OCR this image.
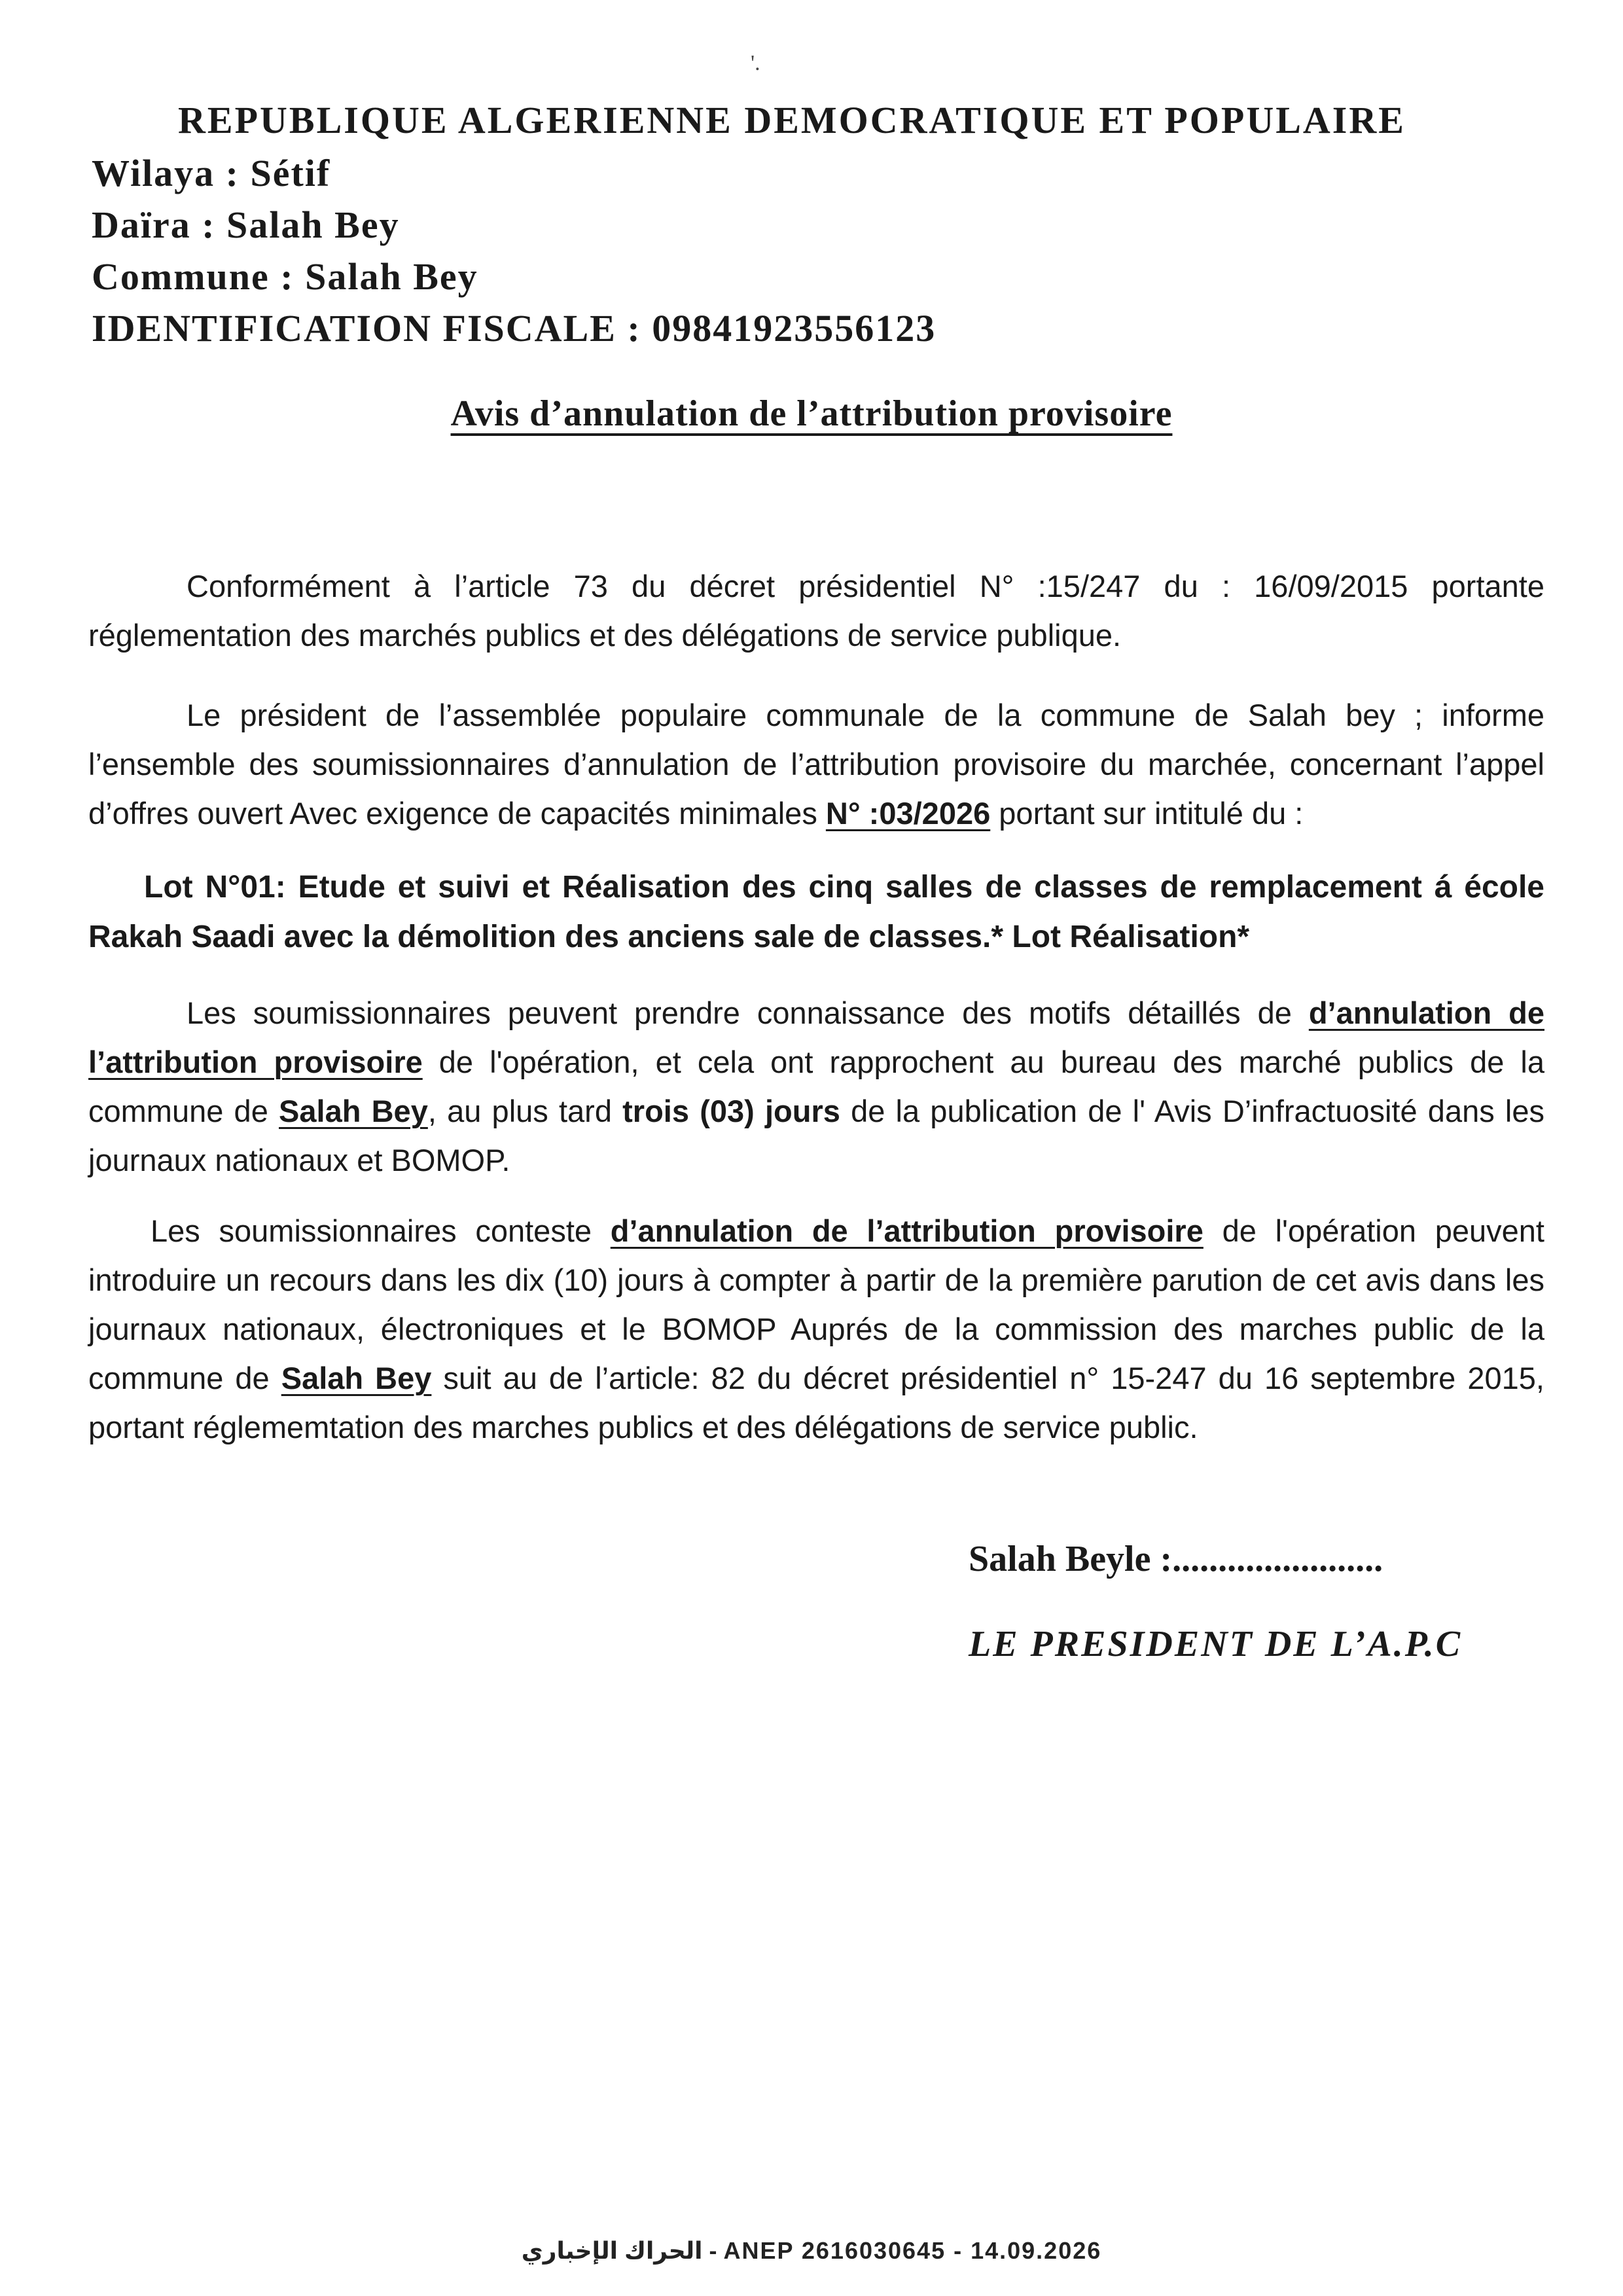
'.
REPUBLIQUE ALGERIENNE DEMOCRATIQUE ET POPULAIRE
Wilaya : Sétif
Daïra : Salah Bey
Commune : Salah Bey
IDENTIFICATION FISCALE : 09841923556123
Avis d’annulation de l’attribution provisoire

Conformément à l’article 73 du décret présidentiel N° :15/247 du : 16/09/2015 portante réglementation des marchés publics et des délégations de service publique.

Le président de l’assemblée populaire communale de la commune de Salah bey ; informe l’ensemble des soumissionnaires d’annulation de l’attribution provisoire du marchée, concernant l’appel d’offres ouvert Avec exigence de capacités minimales N° :03/2026 portant sur intitulé du :

Lot N°01: Etude et suivi et Réalisation des cinq salles de classes de remplacement á école Rakah Saadi avec la démolition des anciens sale de classes.* Lot Réalisation*

Les soumissionnaires peuvent prendre connaissance des motifs détaillés de d’annulation de l’attribution provisoire de l'opération, et cela ont rapprochent au bureau des marché publics de la commune de Salah Bey, au plus tard trois (03) jours de la publication de l' Avis D’infractuosité dans les journaux nationaux et BOMOP.

Les soumissionnaires conteste d’annulation de l’attribution provisoire de l'opération peuvent introduire un recours dans les dix (10) jours à compter à partir de la première parution de cet avis dans les journaux nationaux, électroniques et le BOMOP Auprés de la commission des marches public de la commune de Salah Bey suit au de l’article: 82 du décret présidentiel n° 15-247 du 16 septembre 2015, portant réglememtation des marches publics et des délégations de service public.

Salah Beyle :.......................
LE PRESIDENT DE L’A.P.C
الحراك الإخباري - ANEP 2616030645 - 14.09.2026
